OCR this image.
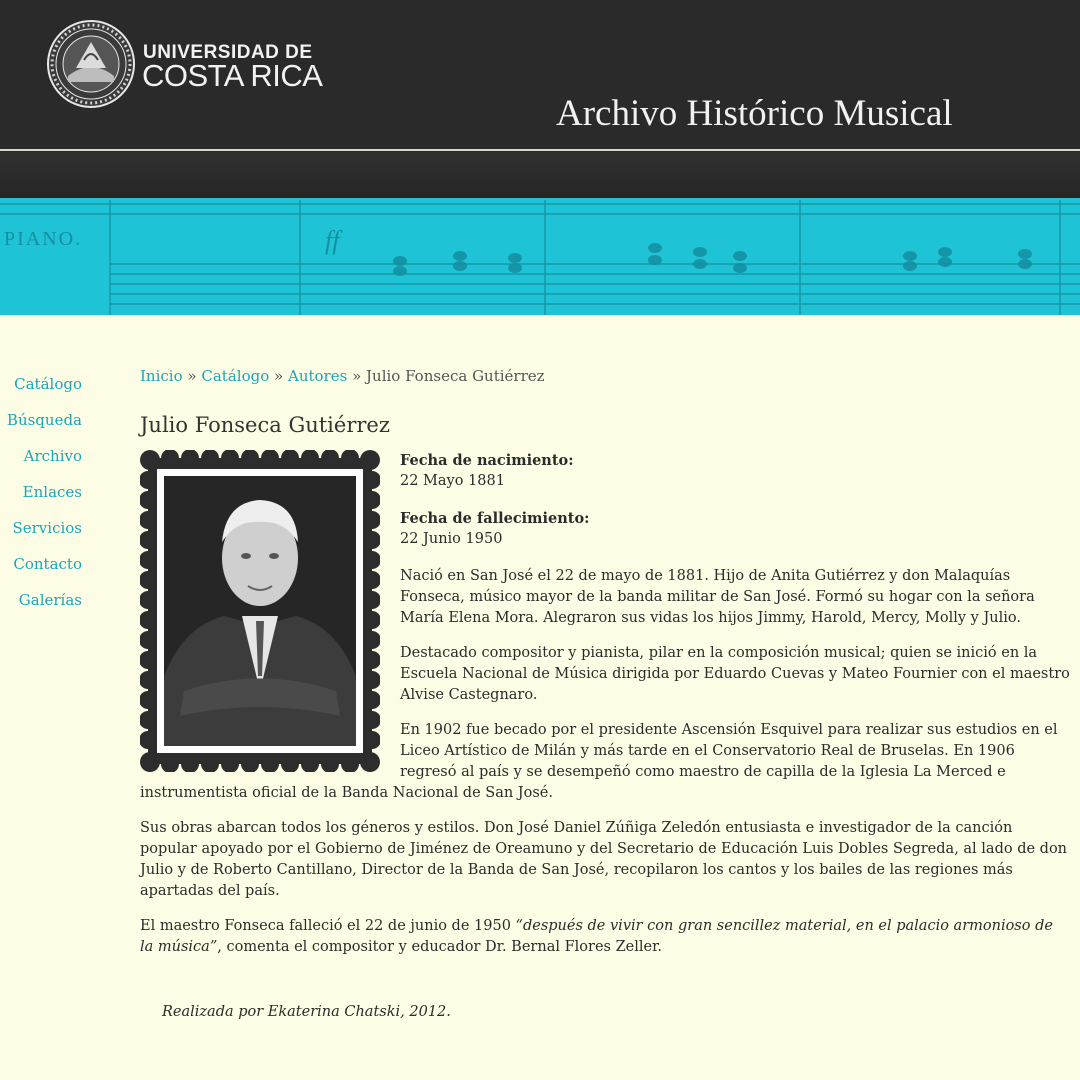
UNIVERSIDAD DE
COSTA RICA
Archivo Histórico Musical
PIANO.	ff
Catálogo
Búsqueda
Archivo
Enlaces
Servicios
Contacto
Galerías
Inicio » Catálogo » Autores » Julio Fonseca Gutiérrez
Julio Fonseca Gutiérrez

Fecha de nacimiento:

22 Mayo 1881

Fecha de fallecimiento:

22 Junio 1950

Nació en San José el 22 de mayo de 1881. Hijo de Anita Gutiérrez y don Malaquías Fonseca, músico mayor de la banda militar de San José. Formó su hogar con la señora María Elena Mora. Alegraron sus vidas los hijos Jimmy, Harold, Mercy, Molly y Julio.

Destacado compositor y pianista, pilar en la composición musical; quien se inició en la Escuela Nacional de Música dirigida por Eduardo Cuevas y Mateo Fournier con el maestro Alvise Castegnaro.

En 1902 fue becado por el presidente Ascensión Esquivel para realizar sus estudios en el Liceo Artístico de Milán y más tarde en el Conservatorio Real de Bruselas. En 1906 regresó al país y se desempeñó como maestro de capilla de la Iglesia La Merced e instrumentista oficial de la Banda Nacional de San José.

Sus obras abarcan todos los géneros y estilos. Don José Daniel Zúñiga Zeledón entusiasta e investigador de la canción popular apoyado por el Gobierno de Jiménez de Oreamuno y del Secretario de Educación Luis Dobles Segreda, al lado de don Julio y de Roberto Cantillano, Director de la Banda de San José, recopilaron los cantos y los bailes de las regiones más apartadas del país.

El maestro Fonseca falleció el 22 de junio de 1950 “después de vivir con gran sencillez material, en el palacio armonioso de la música”, comenta el compositor y educador Dr. Bernal Flores Zeller.

Realizada por Ekaterina Chatski, 2012.
